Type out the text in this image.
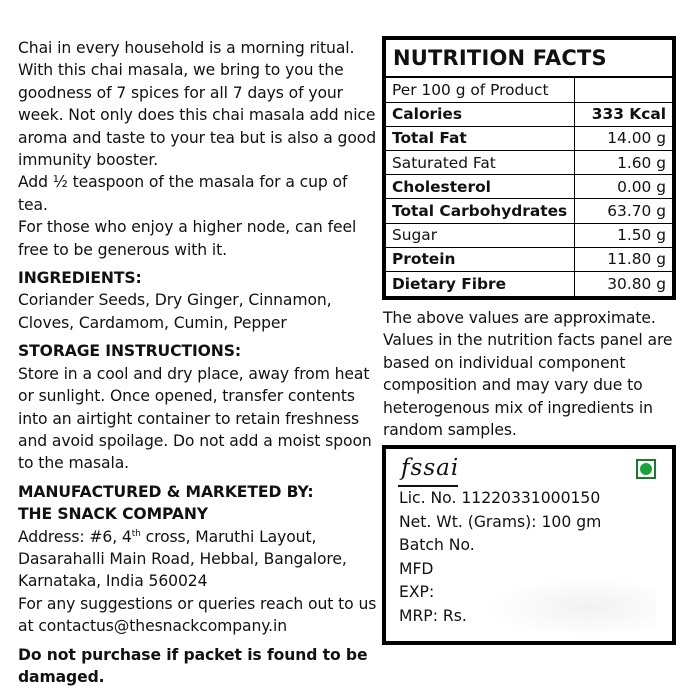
Chai in every household is a morning ritual.

With this chai masala, we bring to you the

goodness of 7 spices for all 7 days of your

week. Not only does this chai masala add nice

aroma and taste to your tea but is also a good

immunity booster.

Add ½ teaspoon of the masala for a cup of tea.

For those who enjoy a higher node, can feel

free to be generous with it.

INGREDIENTS:

Coriander Seeds, Dry Ginger, Cinnamon,

Cloves, Cardamom, Cumin, Pepper

STORAGE INSTRUCTIONS:

Store in a cool and dry place, away from heat

or sunlight. Once opened, transfer contents

into an airtight container to retain freshness

and avoid spoilage. Do not add a moist spoon

to the masala.

MANUFACTURED & MARKETED BY:

THE SNACK COMPANY

Address: #6, 4th cross, Maruthi Layout,

Dasarahalli Main Road, Hebbal, Bangalore,

Karnataka, India 560024

For any suggestions or queries reach out to us

at contactus@thesnackcompany.in

Do not purchase if packet is found to be

damaged.

NUTRITION FACTS
Per 100 g of Product	
Calories	333 Kcal
Total Fat	14.00 g
Saturated Fat	1.60 g
Cholesterol	0.00 g
Total Carbohydrates	63.70 g
Sugar	1.50 g
Protein	11.80 g
Dietary Fibre	30.80 g
The above values are approximate.
Values in the nutrition facts panel are
based on individual component
composition and may vary due to
heterogenous mix of ingredients in
random samples.
fssai
Lic. No. 11220331000150
Net. Wt. (Grams): 100 gm
Batch No.
MFD
EXP:
MRP: Rs.
